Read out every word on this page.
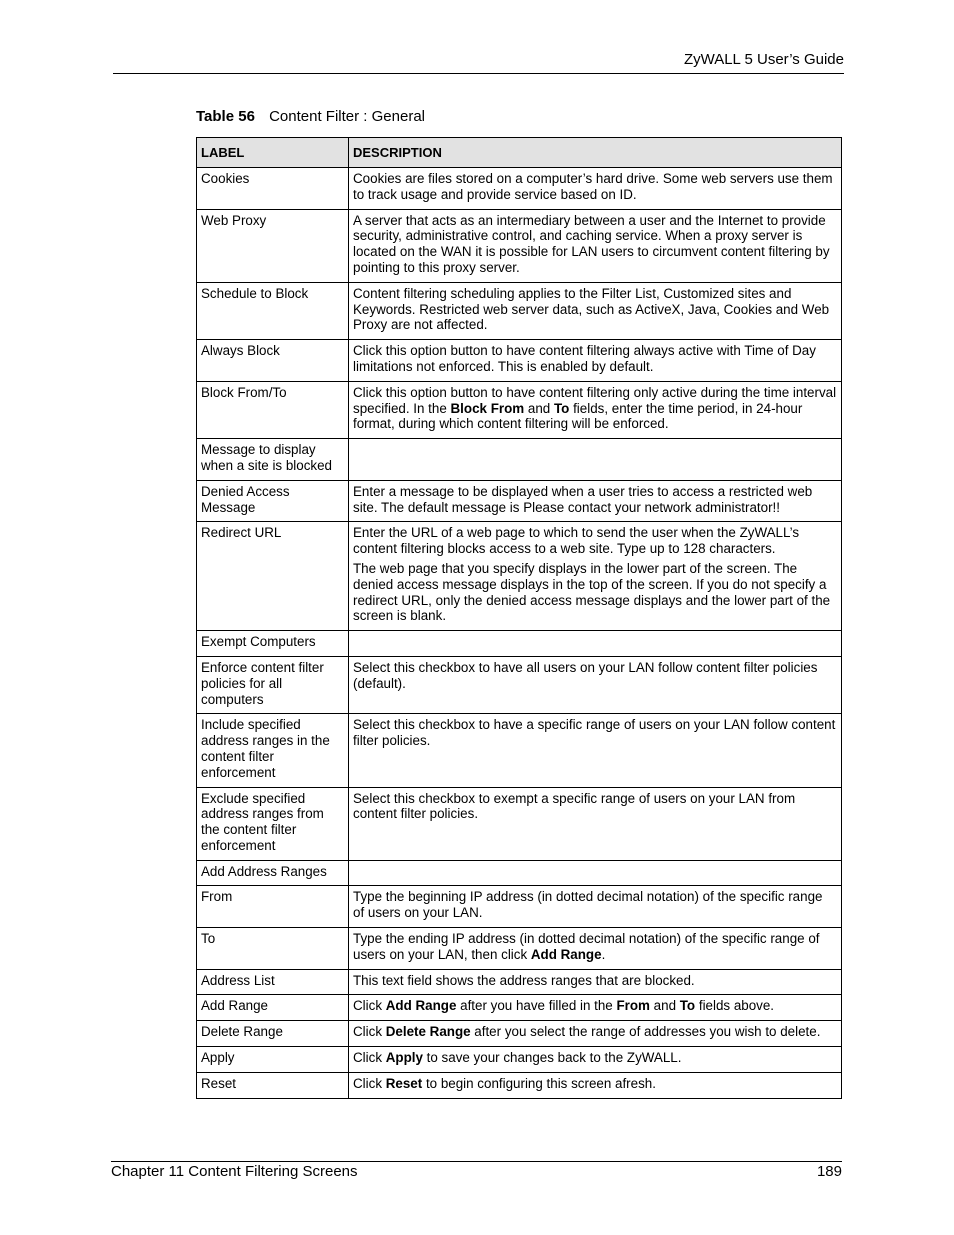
ZyWALL 5 User’s Guide
Table 56 Content Filter : General
LABEL	DESCRIPTION
Cookies	Cookies are files stored on a computer’s hard drive. Some web servers use them to track usage and provide service based on ID.

Web Proxy	A server that acts as an intermediary between a user and the Internet to provide security, administrative control, and caching service. When a proxy server is located on the WAN it is possible for LAN users to circumvent content filtering by pointing to this proxy server.

Schedule to Block	Content filtering scheduling applies to the Filter List, Customized sites and Keywords. Restricted web server data, such as ActiveX, Java, Cookies and Web Proxy are not affected.

Always Block	Click this option button to have content filtering always active with Time of Day limitations not enforced. This is enabled by default.

Block From/To	Click this option button to have content filtering only active during the time interval specified. In the Block From and To fields, enter the time period, in 24-hour format, during which content filtering will be enforced.

Message to display when a site is blocked	
Denied Access Message	Enter a message to be displayed when a user tries to access a restricted web site. The default message is Please contact your network administrator!!

Redirect URL	Enter the URL of a web page to which to send the user when the ZyWALL’s content filtering blocks access to a web site. Type up to 128 characters.

The web page that you specify displays in the lower part of the screen. The denied access message displays in the top of the screen. If you do not specify a redirect URL, only the denied access message displays and the lower part of the screen is blank.

Exempt Computers	
Enforce content filter policies for all computers	Select this checkbox to have all users on your LAN follow content filter policies (default).

Include specified address ranges in the content filter enforcement	Select this checkbox to have a specific range of users on your LAN follow content filter policies.

Exclude specified address ranges from the content filter enforcement	Select this checkbox to exempt a specific range of users on your LAN from content filter policies.

Add Address Ranges	
From	Type the beginning IP address (in dotted decimal notation) of the specific range of users on your LAN.

To	Type the ending IP address (in dotted decimal notation) of the specific range of users on your LAN, then click Add Range.

Address List	This text field shows the address ranges that are blocked.

Add Range	Click Add Range after you have filled in the From and To fields above.

Delete Range	Click Delete Range after you select the range of addresses you wish to delete.

Apply	Click Apply to save your changes back to the ZyWALL.

Reset	Click Reset to begin configuring this screen afresh.

Chapter 11 Content Filtering Screens	189
